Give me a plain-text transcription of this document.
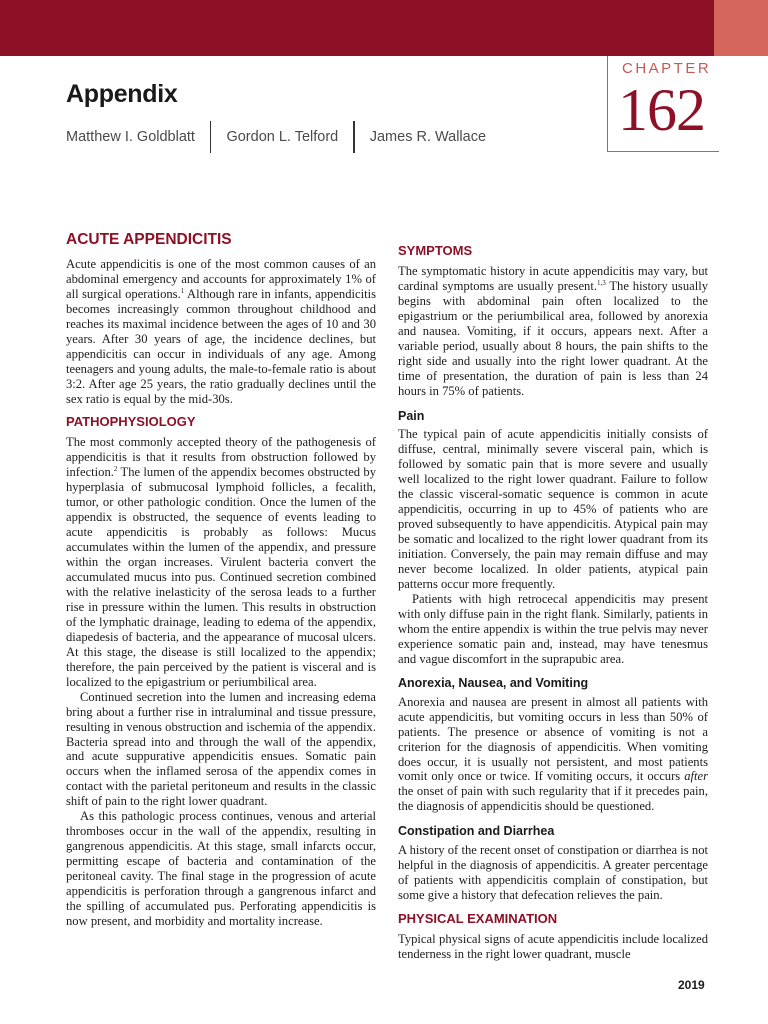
CHAPTER
162
Appendix
Matthew I. Goldblatt Gordon L. Telford James R. Wallace
ACUTE APPENDICITIS

Acute appendicitis is one of the most common causes of an abdominal emergency and accounts for approximately 1% of all surgical operations.$^1$ Although rare in infants, appendicitis becomes increasingly common throughout childhood and reaches its maximal incidence between the ages of 10 and 30 years. After 30 years of age, the incidence declines, but appendicitis can occur in individuals of any age. Among teenagers and young adults, the male-to-female ratio is about 3:2. After age 25 years, the ratio gradually declines until the sex ratio is equal by the mid-30s.

PATHOPHYSIOLOGY

The most commonly accepted theory of the pathogenesis of appendicitis is that it results from obstruction followed by infection.$^2$ The lumen of the appendix becomes obstructed by hyperplasia of submucosal lymphoid follicles, a fecalith, tumor, or other pathologic condition. Once the lumen of the appendix is obstructed, the sequence of events leading to acute appendicitis is probably as follows: Mucus accumulates within the lumen of the appendix, and pressure within the organ increases. Virulent bacteria convert the accumulated mucus into pus. Continued secretion combined with the relative inelasticity of the serosa leads to a further rise in pressure within the lumen. This results in obstruction of the lymphatic drainage, leading to edema of the appendix, diapedesis of bacteria, and the appearance of mucosal ulcers. At this stage, the disease is still localized to the appendix; therefore, the pain perceived by the patient is visceral and is localized to the epigastrium or periumbilical area.

Continued secretion into the lumen and increasing edema bring about a further rise in intraluminal and tissue pressure, resulting in venous obstruction and ischemia of the appendix. Bacteria spread into and through the wall of the appendix, and acute suppurative appendicitis ensues. Somatic pain occurs when the inflamed serosa of the appendix comes in contact with the parietal peritoneum and results in the classic shift of pain to the right lower quadrant.

As this pathologic process continues, venous and arterial thromboses occur in the wall of the appendix, resulting in gangrenous appendicitis. At this stage, small infarcts occur, permitting escape of bacteria and contamination of the peritoneal cavity. The final stage in the progression of acute appendicitis is perforation through a gangrenous infarct and the spilling of accumulated pus. Perforating appendicitis is now present, and morbidity and mortality increase.

SYMPTOMS

The symptomatic history in acute appendicitis may vary, but cardinal symptoms are usually present.$^{1,3}$ The history usually begins with abdominal pain often localized to the epigastrium or the periumbilical area, followed by anorexia and nausea. Vomiting, if it occurs, appears next. After a variable period, usually about 8 hours, the pain shifts to the right side and usually into the right lower quadrant. At the time of presentation, the duration of pain is less than 24 hours in 75% of patients.

Pain

The typical pain of acute appendicitis initially consists of diffuse, central, minimally severe visceral pain, which is followed by somatic pain that is more severe and usually well localized to the right lower quadrant. Failure to follow the classic visceral-somatic sequence is common in acute appendicitis, occurring in up to 45% of patients who are proved subsequently to have appendicitis. Atypical pain may be somatic and localized to the right lower quadrant from its initiation. Conversely, the pain may remain diffuse and may never become localized. In older patients, atypical pain patterns occur more frequently.

Patients with high retrocecal appendicitis may present with only diffuse pain in the right flank. Similarly, patients in whom the entire appendix is within the true pelvis may never experience somatic pain and, instead, may have tenesmus and vague discomfort in the suprapubic area.

Anorexia, Nausea, and Vomiting

Anorexia and nausea are present in almost all patients with acute appendicitis, but vomiting occurs in less than 50% of patients. The presence or absence of vomiting is not a criterion for the diagnosis of appendicitis. When vomiting does occur, it is usually not persistent, and most patients vomit only once or twice. If vomiting occurs, it occurs after the onset of pain with such regularity that if it precedes pain, the diagnosis of appendicitis should be questioned.

Constipation and Diarrhea

A history of the recent onset of constipation or diarrhea is not helpful in the diagnosis of appendicitis. A greater percentage of patients with appendicitis complain of constipation, but some give a history that defecation relieves the pain.

PHYSICAL EXAMINATION

Typical physical signs of acute appendicitis include localized tenderness in the right lower quadrant, muscle

2019
